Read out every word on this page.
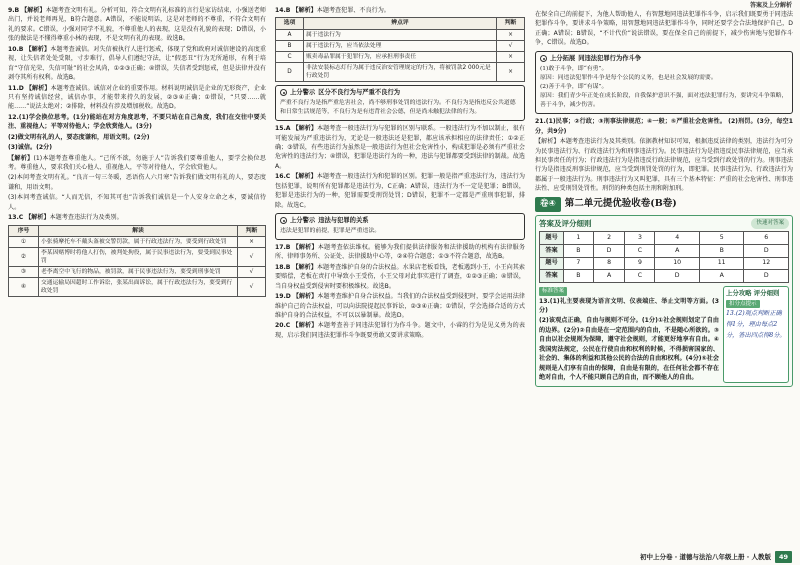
答案及上分解析
9.B 【解析】本题考查文明有礼。分析可知，符合文明有礼标准的言行是家访结束，小强送老师出门，并说老师再见，B符合题意。A错误，不能说明话，这是对老师的不尊重，不符合文明有礼的要求。C错误，小强对同学不礼貌，不尊重他人的表现，这是没有礼貌的表现；D错误，小张的做法是不懂得尊重小林的表现，不是文明有礼的表现。故选B。
10.B 【解析】本题考查诚信。对失信被执行人进行惩戒，体现了党和政府对诚信建设的高度重视，让失信者处处受限，寸步难行，倡导人们遵纪守法，让“假恶丑”行为无所遁形，有利于培育“守信光荣、失信可耻”的社会风尚，①②③正确；④错误，失信者受到惩戒，但是法律并没有剥夺其所有权利。故选B。
11.D 【解析】本题考查诚信。诚信对企业的重要作用。材料说明诚信是企业的无形资产，企业只有坚持诚信经营，诚信办事，才能带来持久的发展，②③④正确；①错误，“只要……就能……”说法太绝对；②排除，材料没有涉及增加税收。故选D。
12.(1)学会换位思考。(1分)能站在对方角度思考，不要只站在自己角度，我们在交往中要关注、重视他人；平等对待他人；学会欣赏他人。(3分)
(2)做文明有礼的人，要态度谦和，用语文明。(2分)
(3)诚信。(2分)
【解析】(1)本题考查尊重他人。“己所不欲，勿施于人”告诉我们要尊重他人，要学会换位思考。尊重他人，要求我们关心他人、重视他人，平等对待他人，学会欣赏他人。
(2)本问考查文明有礼。“良言一句三冬暖，恶语伤人六月寒”告诉我们做文明有礼的人，要态度谦和，用语文明。
(3)本问考查诚信。“人而无信，不知其可也”告诉我们诚信是一个人安身立命之本，要诚信待人。
13.C 【解析】本题考查违法行为及类别。
序号	解读	判断
①	小张骑摩托车不戴头盔被交警罚款，属于行政违法行为，要受到行政处罚	×
②	李某因赌博时将他人打伤，被判处拘役，属于民事违法行为，要受到民事处罚	√
③	老李离空中飞行的物品，被罚款，属于民事违法行为，要受到刑事处罚	√
④	交通运输局因超时工作诉讼，张某出面诉讼，属于行政违法行为，要受到行政处罚	√
14.B 【解析】本题考查犯罪、不良行为。
选项	辨点评	判断
A	属于违法行为	×
B	属于违法行为，应当依法处理	√
C	贩卖毒品罪属于犯罪行为，应承担刑事责任	×
D	非法安装标志灯行为属于违反治安管理规定的行为，将被罚款2 000元是行政处罚	×
上分警示 区分不良行为与严重不良行为
严重不良行为是指严重危害社会，尚不够刑事处罚的违法行为。不良行为是指违反公共道德和日常生活规范等，不良行为是有违背社会公德，但是尚未触犯法律的行为。
15.A 【解析】本题考查一般违法行为与犯罪的区别与联系。一般违法行为不加以制止，很有可能发展为严重违法行为，无论是一般违法还是犯罪，都应该承担相应的法律责任；①②正确；③错误，有些违法行为虽然是一般违法行为但社会危害性小，构成犯罪是必须有严重社会危害性的违法行为；④错误，犯罪是违法行为的一种，违法与犯罪都要受到法律的制裁。故选A。
16.C 【解析】本题考查一般违法行为和犯罪的区别。犯罪一般是指严重违法行为，违法行为包括犯罪，说明所有犯罪都是违法行为，C正确；A错误，违法行为不一定是犯罪；B错误，犯罪是违法行为的一种，犯罪需要受刑罚处罚；D错误，犯罪不一定都是严重刑事犯罪，排除。故选C。
上分警示 违法与犯罪的关系
违法是犯罪的前提，犯罪是严重违法。
17.B 【解析】本题考查依法维权。能够为我们提供法律服务和法律援助的机构有法律服务所、律师事务所、公证处、法律援助中心等，②④符合题意；①③不符合题意，故选B。
18.B 【解析】本题考查维护自身的合法权益。水果店老板看钱，老板遇到小王，小王向其索要赔偿，老板在责打中导致小王受伤，小王父母对此事实进行了调查，①②③正确；④错误，当自身权益受到侵害时要积极维权。故选B。
19.D 【解析】本题考查维护自身合法权益。当我们的合法权益受到侵犯时，要学会运用法律维护自己的合法权益，可以向法院提起民事诉讼，②③④正确；①错误，学会选择合适的方式维护自身的合法权益，不可以以暴制暴。故选D。
20.C 【解析】本题考查善于同违法犯罪行为作斗争。题文中，小睿的行为是见义勇为的表现，启示我们同违法犯罪作斗争既要勇敢又要讲求策略。
在保全自己的前提下，为他人帮助他人，有智慧地同违法犯罪作斗争，启示我们既要勇于同违法犯罪作斗争，要讲求斗争策略，用智慧地同违法犯罪作斗争，同时还要学会合法地保护自己，D正确；A错误；B错误，“不计代价”说法错误，要在保全自己的前提下，减少伤害地与犯罪作斗争，C错误。故选D。
上分拓展 同违法犯罪行为作斗争
(1)敢于斗争，即“有勇”。
原因：同违法犯罪作斗争是每个公民的义务，也是社会发展的需要。
(2)善于斗争，即“有谋”。
原因：我们青少年正处在成长阶段，自我保护意识不强，面对违法犯罪行为，要讲究斗争策略，善于斗争，减少伤害。
21.(1)民事；②行政；③刑事法律规范；④一般；⑤严重社会危害性。 (2)刑罚。(3分，每空1分，共9分)
【解析】本题考查违法行为及其类别。依据教材知识可知，根据违反法律的类别，违法行为可分为民事违法行为、行政违法行为和刑事违法行为。民事违法行为是指违反民事法律规范，应当承担民事责任的行为；行政违法行为是指违反行政法律规范，应当受到行政处罚的行为。刑事违法行为是指违反刑事法律规范，应当受到刑罚处罚的行为，即犯罪。民事违法行为、行政违法行为都属于一般违法行为。刑事违法行为又叫犯罪，具有三个基本特征：严重的社会危害性、刑事违法性、应受刑罚处罚性。刑罚的种类包括主刑和附加刑。
卷④ 第二单元提优验收卷(B卷)
答案及评分细则	快速对答案
题号	1	2	3	4	5	6
答案	B	D	C	A	B	D
题号	7	8	9	10	11	12
答案	B	A	C	D	A	D
标准答案
13.(1)礼主要表现为语言文明、仪表端庄、举止文明等方面。(3分)
(2)该观点正确，自由与规则不可分。(1分)①社会规则划定了自由的边界。(2分)②自由是在一定范围内的自由，不是随心所欲的。③自由以社会规则为保障，遵守社会规则，才能更好地享有自由。④我国宪法规定，公民在行使自由和权利的时候，不得损害国家的、社会的、集体的利益和其他公民的合法的自由和权利。(4分)⑤社会规则是人们享有自由的保障，自由是有限的，在任何社会都不存在绝对自由，个人不能只顾自己的自由，而不顾他人的自由。
上分攻略 评分细则
扣分点提示
13.(2)观点判断正确得1分，理由每点2分，答出四点得8分。
初中上分卷 · 道德与法治八年级上册 · 人教版	49
